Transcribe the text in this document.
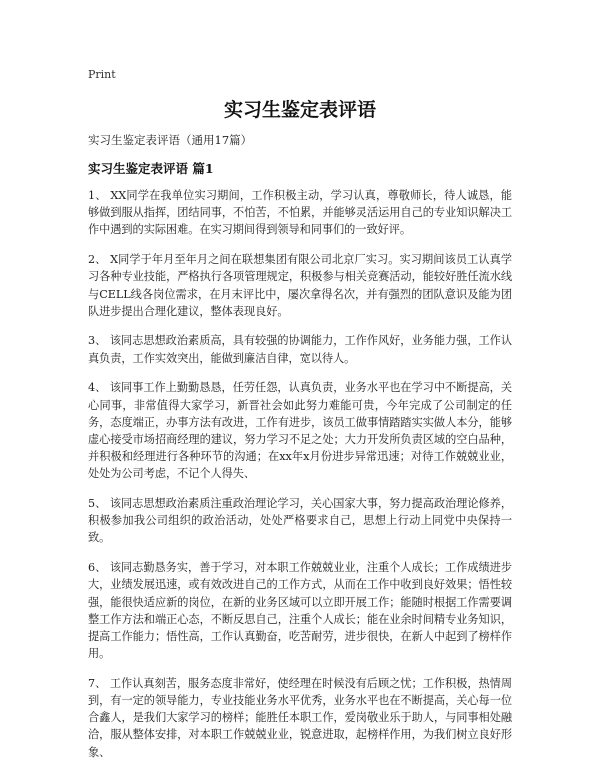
Print
实习生鉴定表评语

实习生鉴定表评语（通用17篇）

实习生鉴定表评语 篇1

1、 XX同学在我单位实习期间，工作积极主动，学习认真，尊敬师长，待人诚恳，能够做到服从指挥，团结同事，不怕苦，不怕累，并能够灵活运用自己的专业知识解决工作中遇到的实际困难。在实习期间得到领导和同事们的一致好评。

2、 X同学于年月至年月之间在联想集团有限公司北京厂实习。实习期间该员工认真学习各种专业技能，严格执行各项管理规定，积极参与相关竞赛活动，能较好胜任流水线与CELL线各岗位需求，在月末评比中，屡次拿得名次，并有强烈的团队意识及能为团队进步提出合理化建议，整体表现良好。

3、 该同志思想政治素质高，具有较强的协调能力，工作作风好，业务能力强，工作认真负责，工作实效突出，能做到廉洁自律，宽以待人。

4、 该同事工作上勤勤恳恳，任劳任怨，认真负责，业务水平也在学习中不断提高，关心同事，非常值得大家学习，新晋社会如此努力难能可贵，今年完成了公司制定的任务，态度端正，办事方法有改进，工作有进步，该员工做事情踏踏实实做人本分，能够虚心接受市场招商经理的建议，努力学习不足之处；大力开发所负责区域的空白品种，并积极和经理进行各种环节的沟通；在xx年x月份进步异常迅速；对待工作兢兢业业，处处为公司考虑，不记个人得失、

5、 该同志思想政治素质注重政治理论学习，关心国家大事，努力提高政治理论修养，积极参加我公司组织的政治活动，处处严格要求自己，思想上行动上同党中央保持一致。

6、 该同志勤恳务实，善于学习，对本职工作兢兢业业，注重个人成长；工作成绩进步大，业绩发展迅速，或有效改进自己的工作方式，从而在工作中收到良好效果；悟性较强，能很快适应新的岗位，在新的业务区域可以立即开展工作；能随时根据工作需要调整工作方法和端正心态，不断反思自己，注重个人成长；能在业余时间精专业务知识，提高工作能力；悟性高，工作认真勤奋，吃苦耐劳，进步很快，在新人中起到了榜样作用。

7、 工作认真刻苦，服务态度非常好，使经理在时候没有后顾之忧；工作积极，热情周到，有一定的领导能力，专业技能业务水平优秀，业务水平也在不断提高，关心每一位合鑫人，是我们大家学习的榜样；能胜任本职工作，爱岗敬业乐于助人，与同事相处融洽，服从整体安排，对本职工作兢兢业业，锐意进取，起榜样作用，为我们树立良好形象、
